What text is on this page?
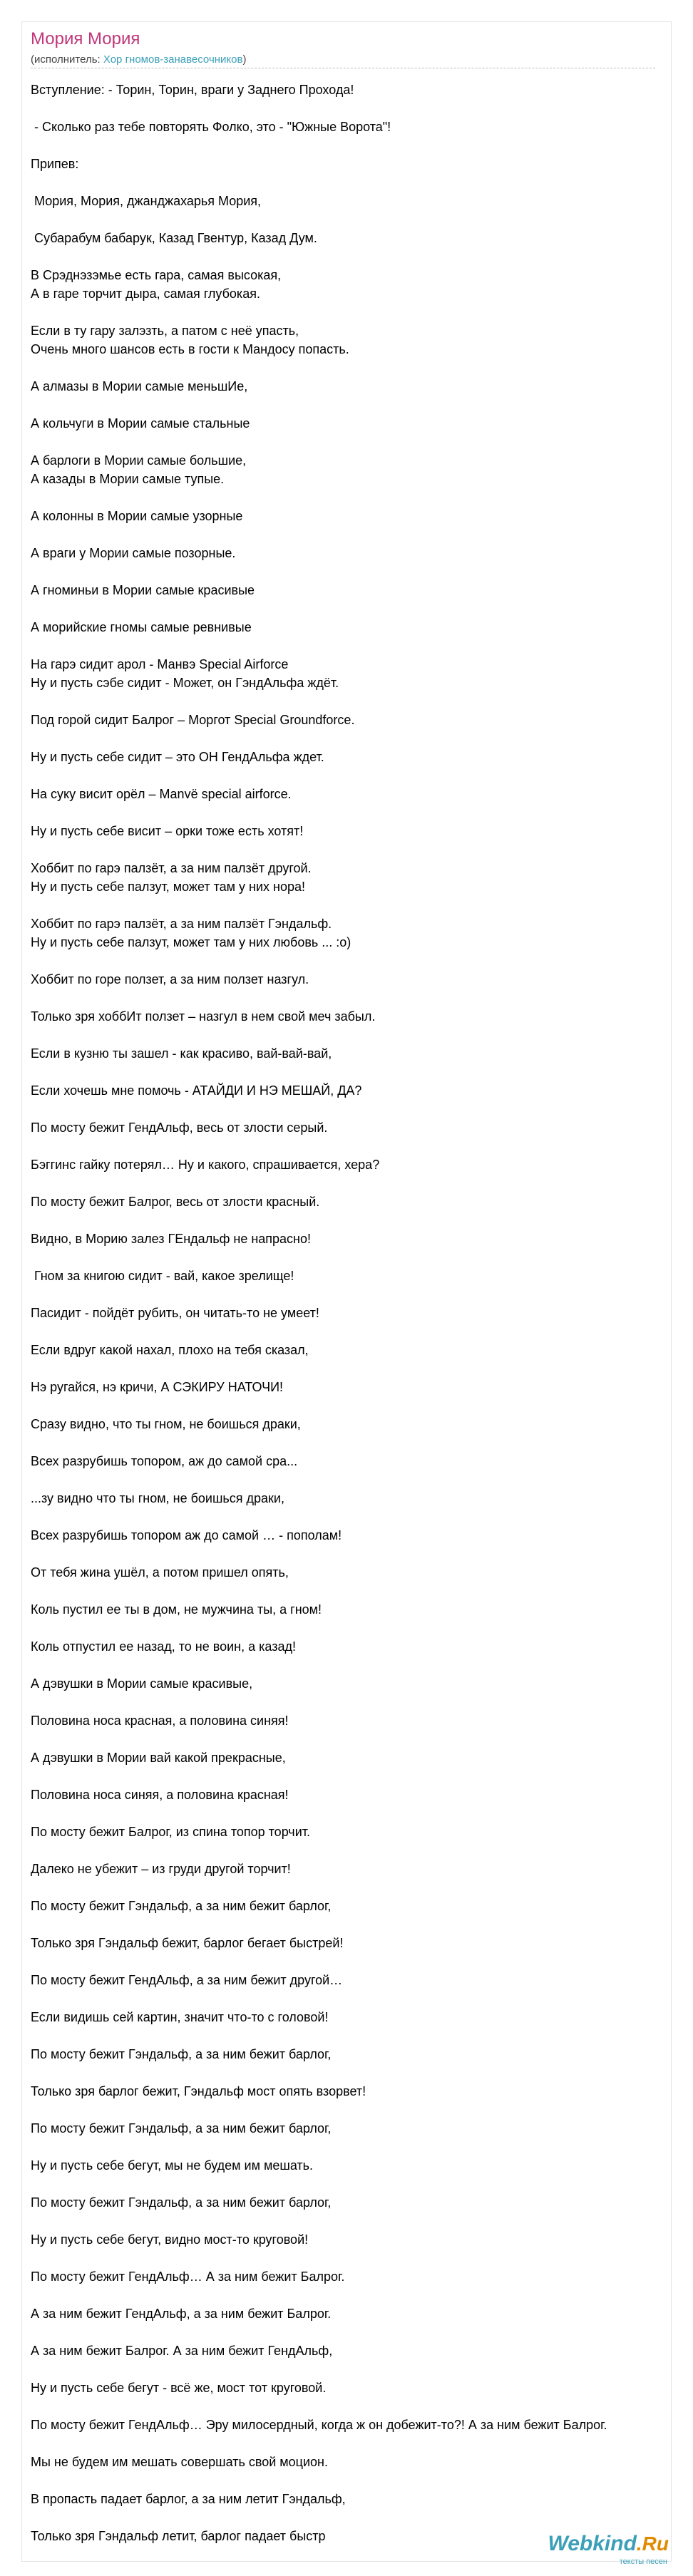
Мория Мория
(исполнитель: Хор гномов-занавесочников)
Вступление: - Торин, Торин, враги у Заднего Прохода!
- Сколько раз тебе повторять Фолко, это - "Южные Ворота"!
Припев:
Мория, Мория, джанджахарья Мория,
Субарабум бабарук, Казад Гвентур, Казад Дум.
В Срэднэзэмье есть гара, самая высокая,
А в гаре торчит дыра, самая глубокая.
Если в ту гару залэзть, а патом с неё упасть,
Очень много шансов есть в гости к Мандосу попасть.
А алмазы в Мории самые меньшИе,
А кольчуги в Мории самые стальные
А барлоги в Мории самые большие,
А казады в Мории самые тупые.
А колонны в Мории самые узорные
А враги у Мории самые позорные.
А гноминьи в Мории самые красивые
А морийские гномы самые ревнивые
На гарэ сидит арол - Манвэ Special Airforce
Ну и пусть сэбе сидит - Может, он ГэндАльфа ждёт.
Под горой сидит Балрог – Моргот Special Groundforce.
Ну и пусть себе сидит – это ОН ГендАльфа ждет.
На суку висит орёл – Manvё special airforce.
Ну и пусть себе висит – орки тоже есть хотят!
Хоббит по гарэ палзёт, а за ним палзёт другой.
Ну и пусть себе палзут, может там у них нора!
Хоббит по гарэ палзёт, а за ним палзёт Гэндальф.
Ну и пусть себе палзут, может там у них любовь ... :o)
Хоббит по горе ползет, а за ним ползет назгул.
Только зря хоббИт ползет – назгул в нем свой меч забыл.
Если в кузню ты зашел - как красиво, вай-вай-вай,
Если хочешь мне помочь - АТАЙДИ И НЭ МЕШАЙ, ДА?
По мосту бежит ГендАльф, весь от злости серый.
Бэггинс гайку потерял… Ну и какого, спрашивается, хера?
По мосту бежит Балрог, весь от злости красный.
Видно, в Морию залез ГЕндальф не напрасно!
Гном за книгою сидит - вай, какое зрелище!
Пасидит - пойдёт рубить, он читать-то не умеет!
Если вдруг какой нахал, плохо на тебя сказал,
Нэ ругайся, нэ кричи, А СЭКИРУ НАТОЧИ!
Сразу видно, что ты гном, не боишься драки,
Всех разрубишь топором, аж до самой сра...
...зу видно что ты гном, не боишься драки,
Всех разрубишь топором аж до самой … - пополам!
От тебя жина ушёл, а потом пришел опять,
Коль пустил ее ты в дом, не мужчина ты, а гном!
Коль отпустил ее назад, то не воин, а казад!
А дэвушки в Мории самые красивые,
Половина носа красная, а половина синяя!
А дэвушки в Мории вай какой прекрасные,
Половина носа синяя, а половина красная!
По мосту бежит Балрог, из спина топор торчит.
Далеко не убежит – из груди другой торчит!
По мосту бежит Гэндальф, а за ним бежит барлог,
Только зря Гэндальф бежит, барлог бегает быстрей!
По мосту бежит ГендАльф, а за ним бежит другой…
Если видишь сей картин, значит что-то с головой!
По мосту бежит Гэндальф, а за ним бежит барлог,
Только зря барлог бежит, Гэндальф мост опять взорвет!
По мосту бежит Гэндальф, а за ним бежит барлог,
Ну и пусть себе бегут, мы не будем им мешать.
По мосту бежит Гэндальф, а за ним бежит барлог,
Ну и пусть себе бегут, видно мост-то круговой!
По мосту бежит ГендАльф… А за ним бежит Балрог.
А за ним бежит ГендАльф, а за ним бежит Балрог.
А за ним бежит Балрог. А за ним бежит ГендАльф,
Ну и пусть себе бегут - всё же, мост тот круговой.
По мосту бежит ГендАльф… Эру милосердный, когда ж он добежит-то?! А за ним бежит Балрог.
Мы не будем им мешать совершать свой моцион.
В пропасть падает барлог, а за ним летит Гэндальф,
Только зря Гэндальф летит, барлог падает быстр	Webkind.Ru
тексты песен
